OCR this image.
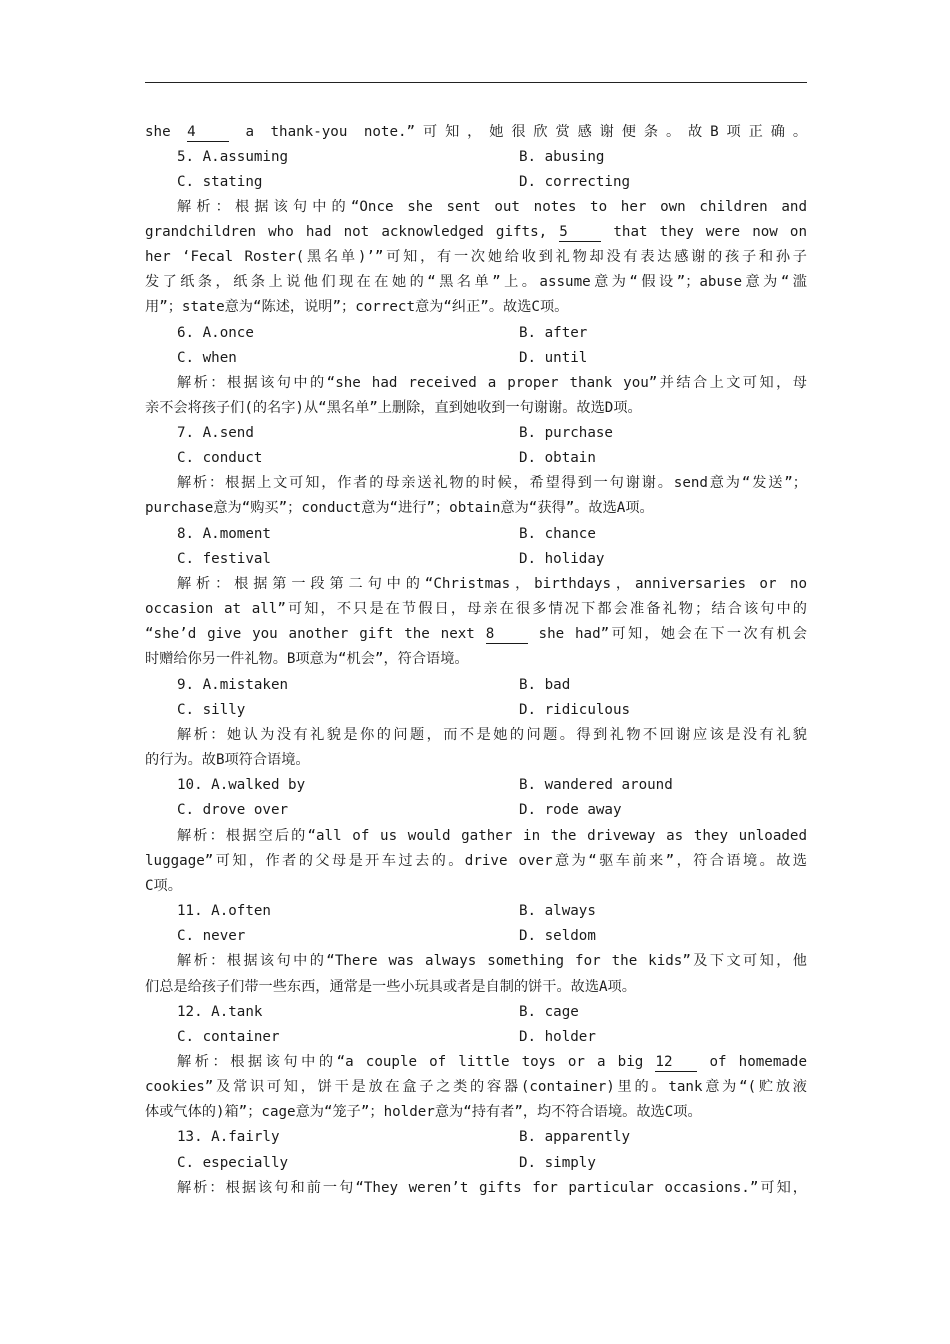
she 4	a thank-you note.”可知，她很欣赏感谢便条。故B项正确。
5. A.assuming	B. abusing
C. stating	D. correcting
解析：根据该句中的“Once she sent out notes to her own children and
grandchildren who had not acknowledged gifts, 5	that they were now on
her ‘Fecal Roster(黑名单)’”可知，有一次她给收到礼物却没有表达感谢的孩子和孙子
发了纸条，纸条上说他们现在在她的“黑名单”上。assume意为“假设”；abuse意为“滥
用”；state意为“陈述，说明”；correct意为“纠正”。故选C项。
6. A.once	B. after
C. when	D. until
解析：根据该句中的“she had received a proper thank you”并结合上文可知，母
亲不会将孩子们(的名字)从“黑名单”上删除，直到她收到一句谢谢。故选D项。
7. A.send	B. purchase
C. conduct	D. obtain
解析：根据上文可知，作者的母亲送礼物的时候，希望得到一句谢谢。send意为“发送”；
purchase意为“购买”；conduct意为“进行”；obtain意为“获得”。故选A项。
8. A.moment	B. chance
C. festival	D. holiday
解析：根据第一段第二句中的“Christmas，birthdays，anniversaries or no
occasion at all”可知，不只是在节假日，母亲在很多情况下都会准备礼物；结合该句中的
“she’d give you another gift the next 8	she had”可知，她会在下一次有机会
时赠给你另一件礼物。B项意为“机会”，符合语境。
9. A.mistaken	B. bad
C. silly	D. ridiculous
解析：她认为没有礼貌是你的问题，而不是她的问题。得到礼物不回谢应该是没有礼貌
的行为。故B项符合语境。
10. A.walked by	B. wandered around
C. drove over	D. rode away
解析：根据空后的“all of us would gather in the driveway as they unloaded
luggage”可知，作者的父母是开车过去的。drive over意为“驱车前来”，符合语境。故选
C项。
11. A.often	B. always
C. never	D. seldom
解析：根据该句中的“There was always something for the kids”及下文可知，他
们总是给孩子们带一些东西，通常是一些小玩具或者是自制的饼干。故选A项。
12. A.tank	B. cage
C. container	D. holder
解析：根据该句中的“a couple of little toys or a big 12	of homemade
cookies”及常识可知，饼干是放在盒子之类的容器(container)里的。tank意为“(贮放液
体或气体的)箱”；cage意为“笼子”；holder意为“持有者”，均不符合语境。故选C项。
13. A.fairly	B. apparently
C. especially	D. simply
解析：根据该句和前一句“They weren’t gifts for particular occasions.”可知，
